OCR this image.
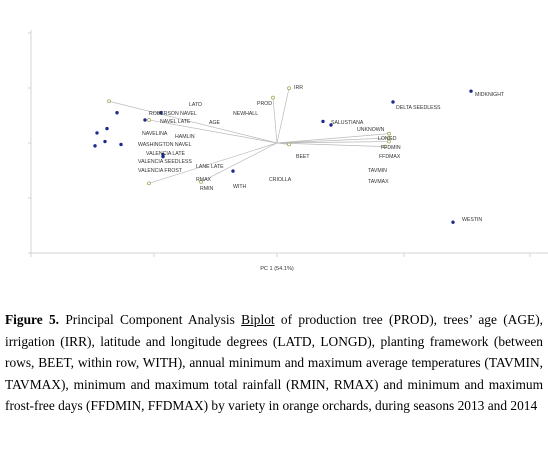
MIDKNIGHT
DELTA SEEDLESS
SALUSTIANA
UNKNOWN
LONGD
FFDMIN
FFDMAX
TAVMIN
TAVMAX
WESTIN
IRR
PROD
LATD
ROBERSON NAVEL	NEWHALL
NAVEL LATE	AGE
NAVELINA HAMLIN
WASHINGTON NAVEL
VALENCIA LATE
VALENCIA SEEDLESS
LANE LATE
VALENCIA FROST
BEET
RMAX
RMIN	WITH
CRIOLLA
PC 1 (54.1%)
Figure 5. Principal Component Analysis Biplot of production tree (PROD), trees’ age (AGE), irrigation (IRR), latitude and longitude degrees (LATD, LONGD), planting framework (between rows, BEET, within row, WITH), annual minimum and maximum average temperatures (TAVMIN, TAVMAX), minimum and maximum total rainfall (RMIN, RMAX) and minimum and maximum frost-free days (FFDMIN, FFDMAX) by variety in orange orchards, during seasons 2013 and 2014
